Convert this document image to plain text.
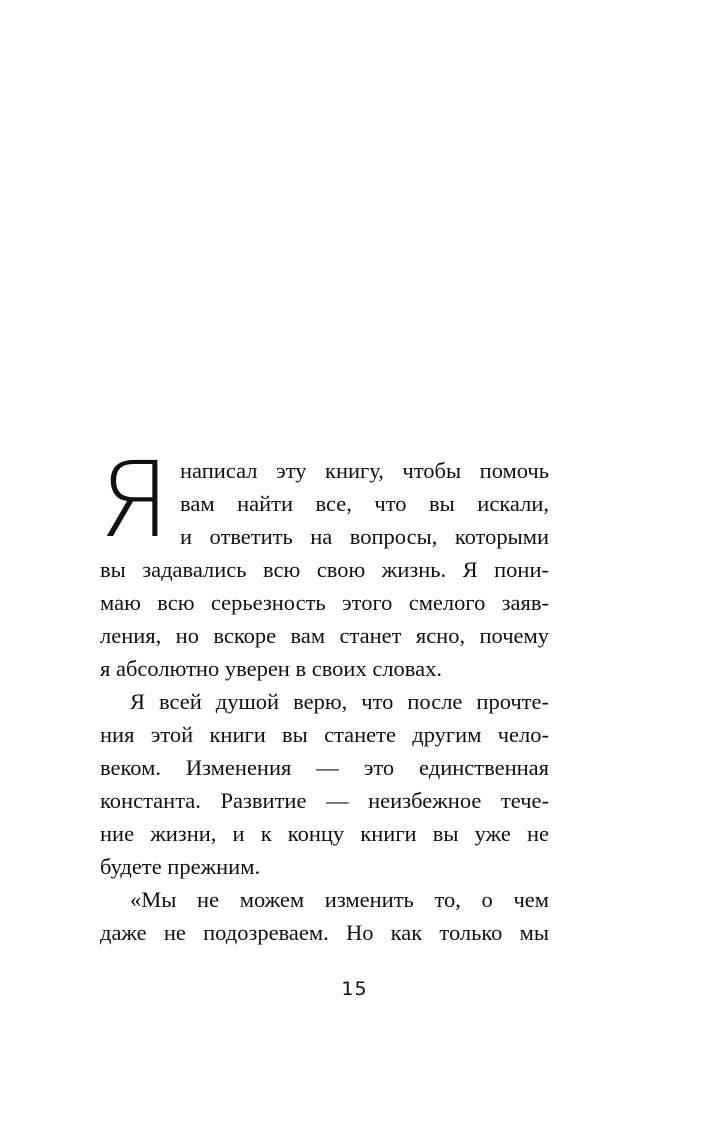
Я написал эту книгу, чтобы помочь
вам найти все, что вы искали,
и ответить на вопросы, которыми
вы задавались всю свою жизнь. Я пони-
маю всю серьезность этого смелого заяв-
ления, но вскоре вам станет ясно, почему
я абсолютно уверен в своих словах.
Я всей душой верю, что после прочте-
ния этой книги вы станете другим чело-
веком. Изменения — это единственная
константа. Развитие — неизбежное тече-
ние жизни, и к концу книги вы уже не
будете прежним.
«Мы не можем изменить то, о чем
даже не подозреваем. Но как только мы
15
